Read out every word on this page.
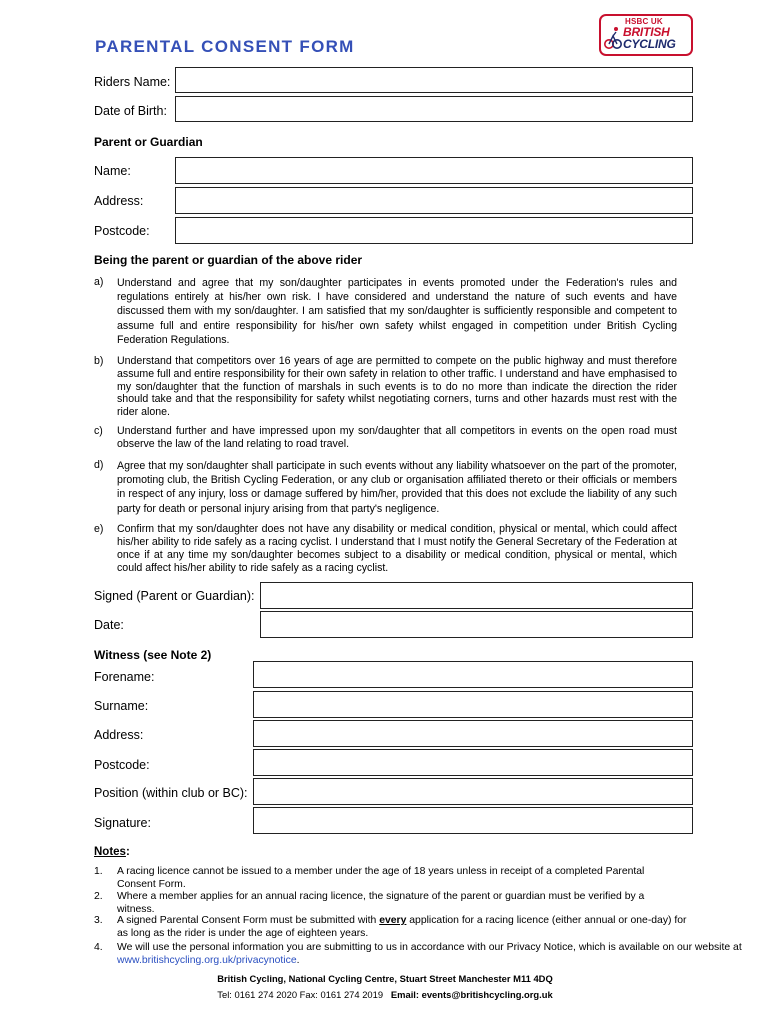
PARENTAL CONSENT FORM
HSBC UK
BRITISH
CYCLING
Riders Name:
Date of Birth:
Parent or Guardian
Name:
Address:
Postcode:
Being the parent or guardian of the above rider
a) Understand and agree that my son/daughter participates in events promoted under the Federation's rules and regulations entirely at his/her own risk. I have considered and understand the nature of such events and have discussed them with my son/daughter. I am satisfied that my son/daughter is sufficiently responsible and competent to assume full and entire responsibility for his/her own safety whilst engaged in competition under British Cycling Federation Regulations.
b) Understand that competitors over 16 years of age are permitted to compete on the public highway and must therefore assume full and entire responsibility for their own safety in relation to other traffic. I understand and have emphasised to my son/daughter that the function of marshals in such events is to do no more than indicate the direction the rider should take and that the responsibility for safety whilst negotiating corners, turns and other hazards must rest with the rider alone.
c) Understand further and have impressed upon my son/daughter that all competitors in events on the open road must observe the law of the land relating to road travel.
d) Agree that my son/daughter shall participate in such events without any liability whatsoever on the part of the promoter, promoting club, the British Cycling Federation, or any club or organisation affiliated thereto or their officials or members in respect of any injury, loss or damage suffered by him/her, provided that this does not exclude the liability of any such party for death or personal injury arising from that party's negligence.
e) Confirm that my son/daughter does not have any disability or medical condition, physical or mental, which could affect his/her ability to ride safely as a racing cyclist. I understand that I must notify the General Secretary of the Federation at once if at any time my son/daughter becomes subject to a disability or medical condition, physical or mental, which could affect his/her ability to ride safely as a racing cyclist.
Signed (Parent or Guardian):
Date:
Witness (see Note 2)
Forename:
Surname:
Address:
Postcode:
Position (within club or BC):
Signature:
Notes:
1. A racing licence cannot be issued to a member under the age of 18 years unless in receipt of a completed Parental Consent Form.
2. Where a member applies for an annual racing licence, the signature of the parent or guardian must be verified by a witness.
3. A signed Parental Consent Form must be submitted with every application for a racing licence (either annual or one-day) for as long as the rider is under the age of eighteen years.
4. We will use the personal information you are submitting to us in accordance with our Privacy Notice, which is available on our website at www.britishcycling.org.uk/privacynotice.
British Cycling, National Cycling Centre, Stuart Street Manchester M11 4DQ
Tel: 0161 274 2020 Fax: 0161 274 2019 Email: events@britishcycling.org.uk
